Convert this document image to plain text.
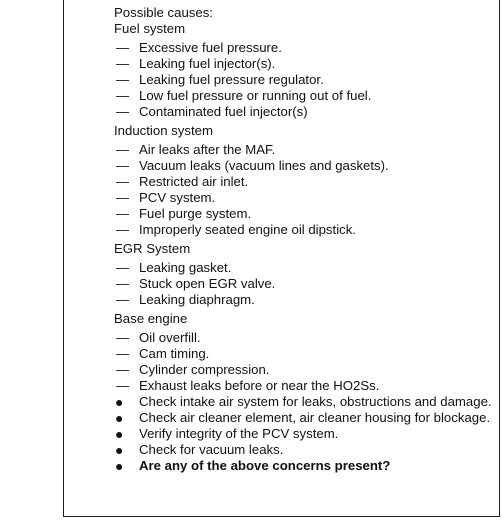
Possible causes:
Fuel system
— Excessive fuel pressure.
— Leaking fuel injector(s).
— Leaking fuel pressure regulator.
— Low fuel pressure or running out of fuel.
— Contaminated fuel injector(s)
Induction system
— Air leaks after the MAF.
— Vacuum leaks (vacuum lines and gaskets).
— Restricted air inlet.
— PCV system.
— Fuel purge system.
— Improperly seated engine oil dipstick.
EGR System
— Leaking gasket.
— Stuck open EGR valve.
— Leaking diaphragm.
Base engine
— Oil overfill.
— Cam timing.
— Cylinder compression.
— Exhaust leaks before or near the HO2Ss.
● Check intake air system for leaks, obstructions and damage.
● Check air cleaner element, air cleaner housing for blockage.
● Verify integrity of the PCV system.
● Check for vacuum leaks.
● Are any of the above concerns present?
